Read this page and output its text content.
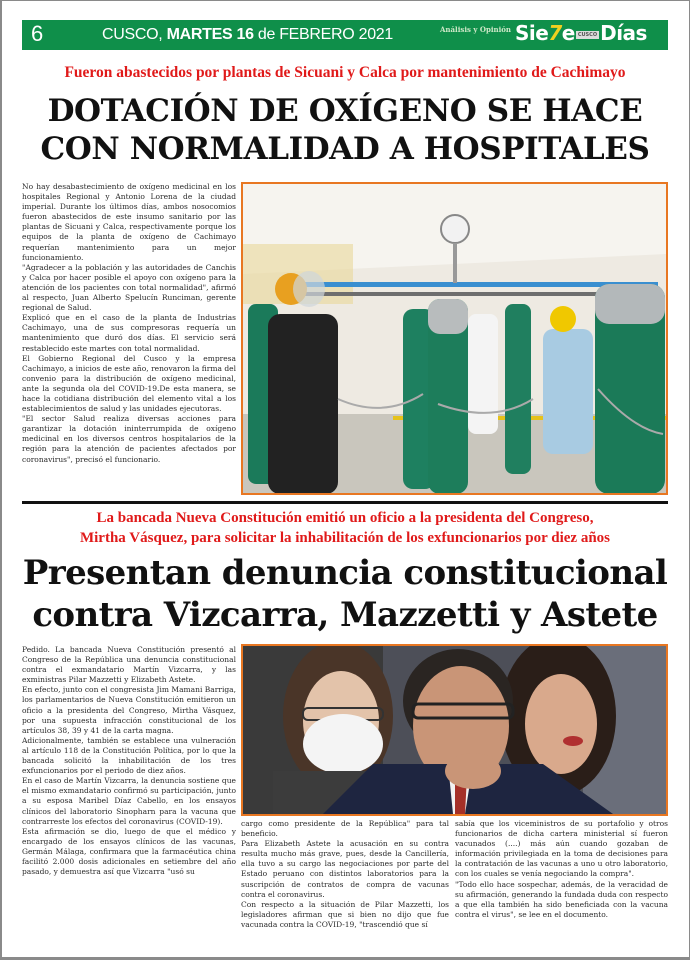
6	CUSCO, MARTES 16 de FEBRERO 2021	Análisis y Opinión Sie7e CUSCO Días
Fueron abastecidos por plantas de Sicuani y Calca por mantenimiento de Cachimayo
DOTACIÓN DE OXÍGENO SE HACE
CON NORMALIDAD A HOSPITALES

No hay desabastecimiento de oxígeno medicinal en los hospitales Regional y Antonio Lorena de la ciudad imperial. Durante los últimos días, ambos nosocomios fueron abastecidos de este insumo sanitario por las plantas de Sicuani y Calca, respectivamente porque los equipos de la planta de oxígeno de Cachimayo requerían mantenimiento para un mejor funcionamiento.

"Agradecer a la población y las autoridades de Canchis y Calca por hacer posible el apoyo con oxígeno para la atención de los pacientes con total normalidad", afirmó al respecto, Juan Alberto Spelucín Runciman, gerente regional de Salud.

Explicó que en el caso de la planta de Industrias Cachimayo, una de sus compresoras requería un mantenimiento que duró dos días. El servicio será restablecido este martes con total normalidad.

El Gobierno Regional del Cusco y la empresa Cachimayo, a inicios de este año, renovaron la firma del convenio para la distribución de oxígeno medicinal, ante la segunda ola del COVID-19.De esta manera, se hace la cotidiana distribución del elemento vital a los establecimientos de salud y las unidades ejecutoras.

"El sector Salud realiza diversas acciones para garantizar la dotación ininterrumpida de oxígeno medicinal en los diversos centros hospitalarios de la región para la atención de pacientes afectados por coronavirus", precisó el funcionario.

La bancada Nueva Constitución emitió un oficio a la presidenta del Congreso,
Mirtha Vásquez, para solicitar la inhabilitación de los exfuncionarios por diez años
Presentan denuncia constitucional
contra Vizcarra, Mazzetti y Astete

Pedido. La bancada Nueva Constitución presentó al Congreso de la República una denuncia constitucional contra el exmandatario Martín Vizcarra, y las exministras Pilar Mazzetti y Elizabeth Astete.

En efecto, junto con el congresista Jim Mamani Barriga, los parlamentarios de Nueva Constitución emitieron un oficio a la presidenta del Congreso, Mirtha Vásquez, por una supuesta infracción constitucional de los artículos 38, 39 y 41 de la carta magna.

Adicionalmente, también se establece una vulneración al artículo 118 de la Constitución Política, por lo que la bancada solicitó la inhabilitación de los tres exfuncionarios por el periodo de diez años.

En el caso de Martín Vizcarra, la denuncia sostiene que el mismo exmandatario confirmó su participación, junto a su esposa Maribel Díaz Cabello, en los ensayos clínicos del laboratorio Sinopharn para la vacuna que contrarreste los efectos del coronavirus (COVID-19).

Esta afirmación se dio, luego de que el médico y encargado de los ensayos clínicos de las vacunas, Germán Málaga, confirmara que la farmacéutica china facilitó 2.000 dosis adicionales en setiembre del año pasado, y demuestra así que Vizcarra "usó su

cargo como presidente de la República" para tal beneficio.

Para Elizabeth Astete la acusación en su contra resulta mucho más grave, pues, desde la Cancillería, ella tuvo a su cargo las negociaciones por parte del Estado peruano con distintos laboratorios para la suscripción de contratos de compra de vacunas contra el coronavirus.

Con respecto a la situación de Pilar Mazzetti, los legisladores afirman que si bien no dijo que fue vacunada contra la COVID-19, "trascendió que sí

sabía que los viceministros de su portafolio y otros funcionarios de dicha cartera ministerial sí fueron vacunados (....) más aún cuando gozaban de información privilegiada en la toma de decisiones para la contratación de las vacunas a uno u otro laboratorio, con los cuales se venía negociando la compra".

"Todo ello hace sospechar, además, de la veracidad de su afirmación, generando la fundada duda con respecto a que ella también ha sido beneficiada con la vacuna contra el virus", se lee en el documento.
